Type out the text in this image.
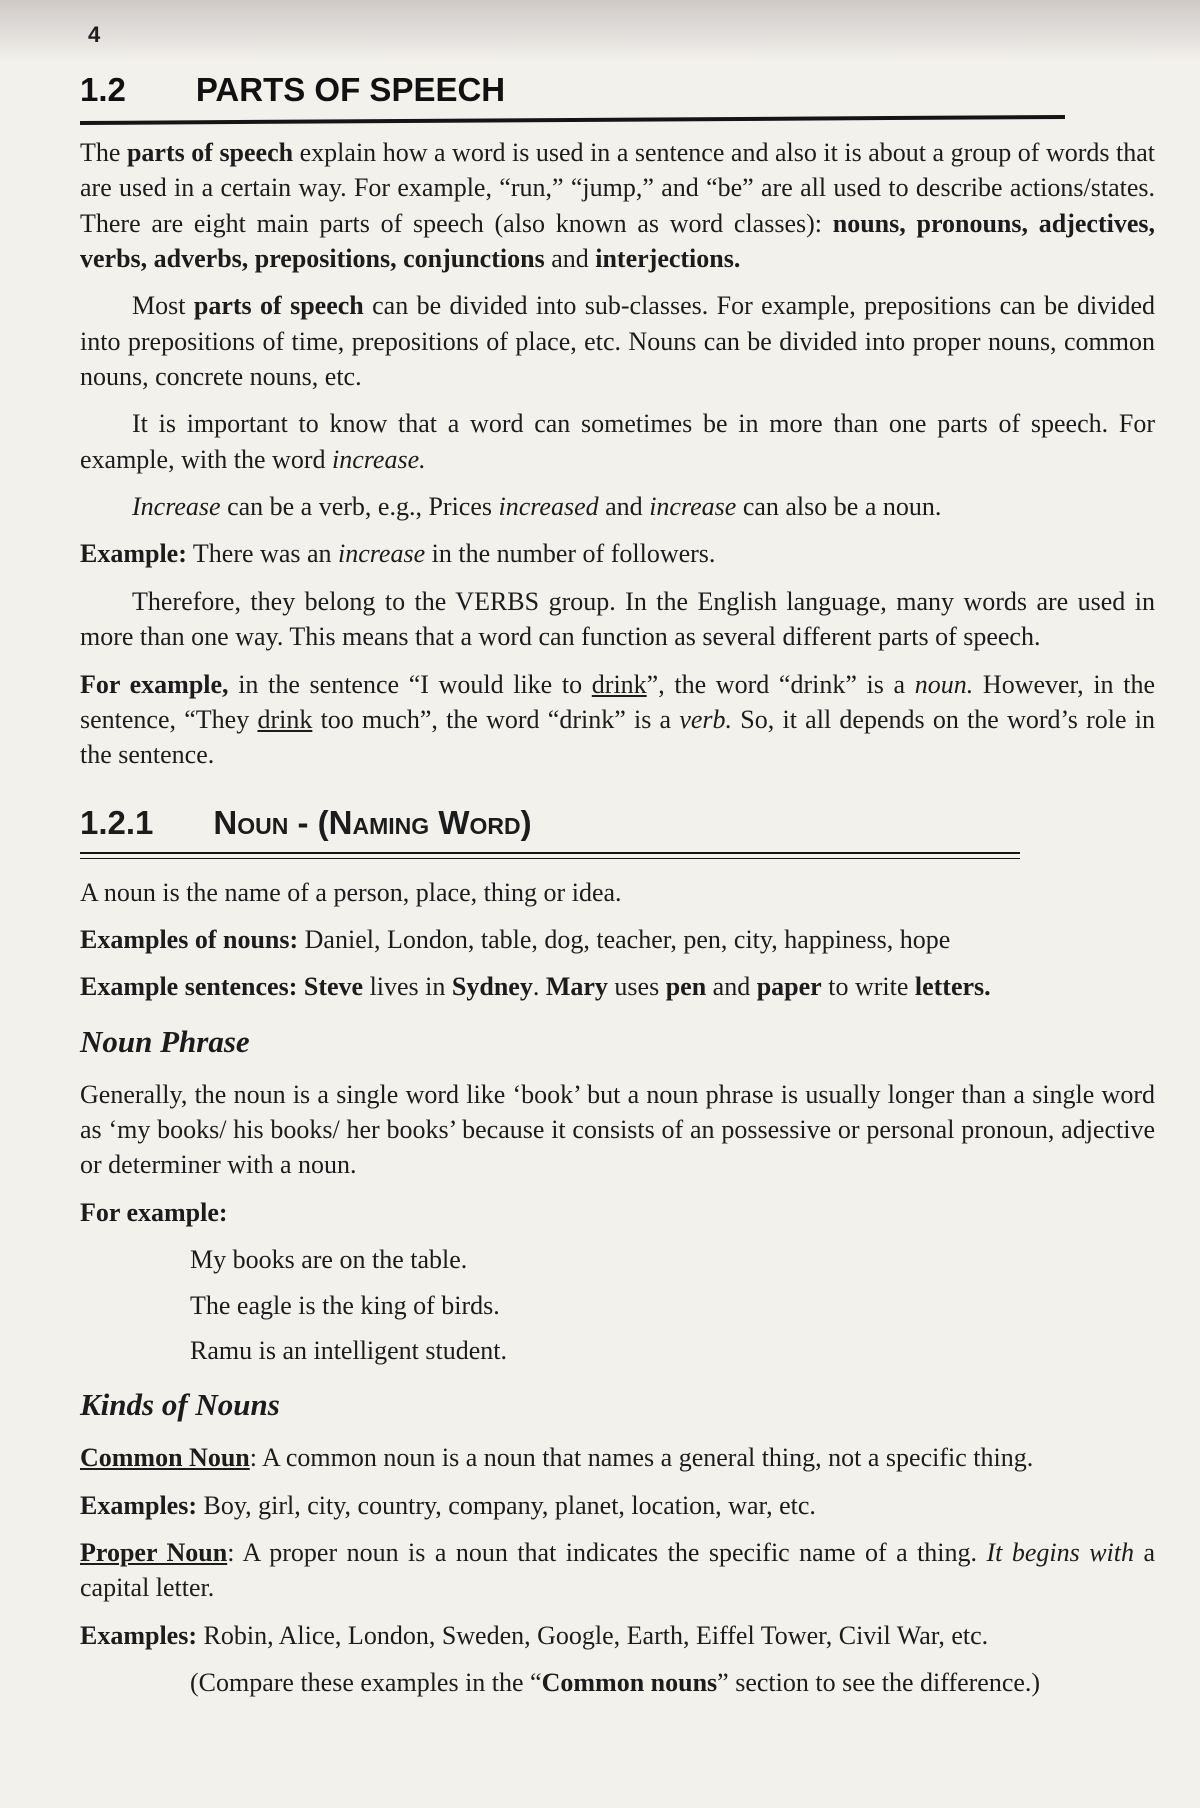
4
1.2 PARTS OF SPEECH

The parts of speech explain how a word is used in a sentence and also it is about a group of words that are used in a certain way. For example, “run,” “jump,” and “be” are all used to describe actions/states. There are eight main parts of speech (also known as word classes): nouns, pronouns, adjectives, verbs, adverbs, prepositions, conjunctions and interjections.

Most parts of speech can be divided into sub-classes. For example, prepositions can be divided into prepositions of time, prepositions of place, etc. Nouns can be divided into proper nouns, common nouns, concrete nouns, etc.

It is important to know that a word can sometimes be in more than one parts of speech. For example, with the word increase.

Increase can be a verb, e.g., Prices increased and increase can also be a noun.

Example: There was an increase in the number of followers.

Therefore, they belong to the VERBS group. In the English language, many words are used in more than one way. This means that a word can function as several different parts of speech.

For example, in the sentence “I would like to drink”, the word “drink” is a noun. However, in the sentence, “They drink too much”, the word “drink” is a verb. So, it all depends on the word’s role in the sentence.

1.2.1 Noun - (Naming Word)

A noun is the name of a person, place, thing or idea.

Examples of nouns: Daniel, London, table, dog, teacher, pen, city, happiness, hope

Example sentences: Steve lives in Sydney. Mary uses pen and paper to write letters.

Noun Phrase

Generally, the noun is a single word like ‘book’ but a noun phrase is usually longer than a single word as ‘my books/ his books/ her books’ because it consists of an possessive or personal pronoun, adjective or determiner with a noun.

For example:

My books are on the table.
The eagle is the king of birds.
Ramu is an intelligent student.
Kinds of Nouns

Common Noun: A common noun is a noun that names a general thing, not a specific thing.

Examples: Boy, girl, city, country, company, planet, location, war, etc.

Proper Noun: A proper noun is a noun that indicates the specific name of a thing. It begins with a capital letter.

Examples: Robin, Alice, London, Sweden, Google, Earth, Eiffel Tower, Civil War, etc.

(Compare these examples in the “Common nouns” section to see the difference.)
